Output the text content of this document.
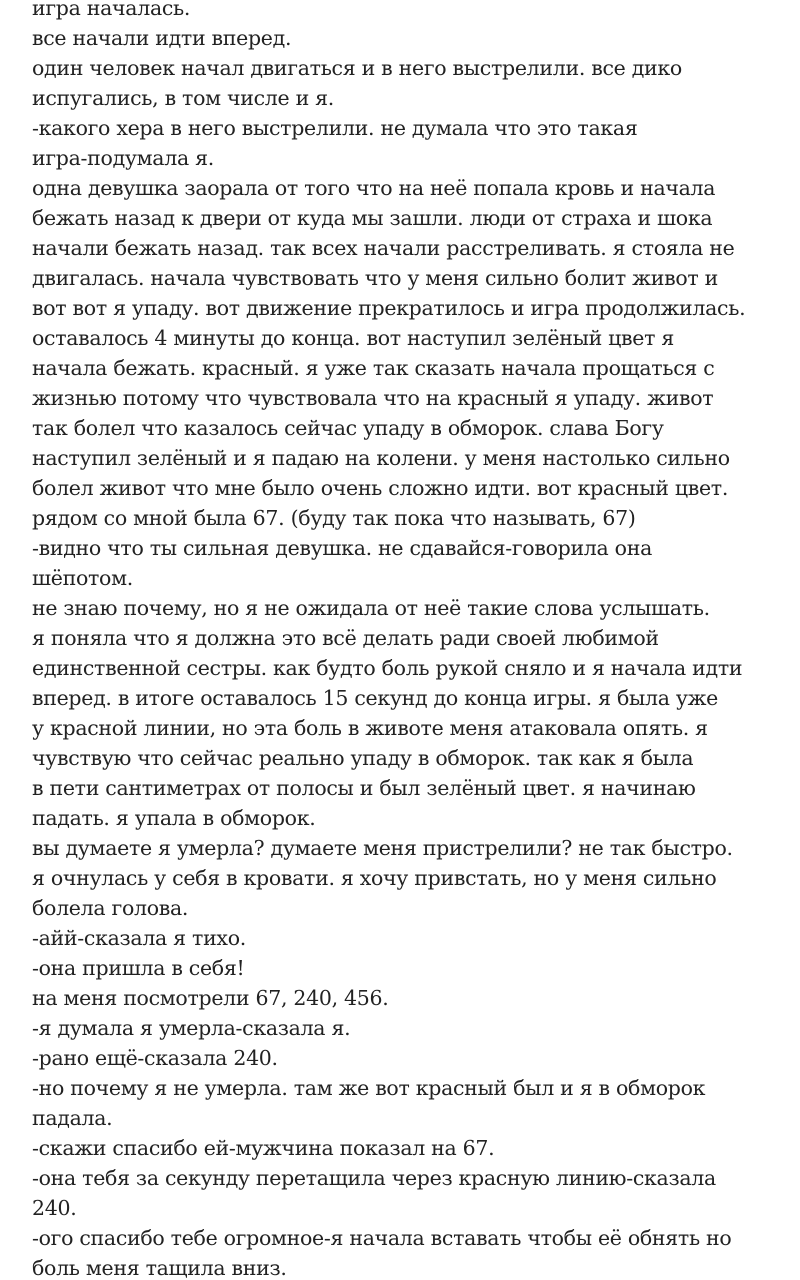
игра началась.
все начали идти вперед.
один человек начал двигаться и в него выстрелили. все дико
испугались, в том числе и я.
-какого хера в него выстрелили. не думала что это такая
игра-подумала я.
одна девушка заорала от того что на неё попала кровь и начала
бежать назад к двери от куда мы зашли. люди от страха и шока
начали бежать назад. так всех начали расстреливать. я стояла не
двигалась. начала чувствовать что у меня сильно болит живот и
вот вот я упаду. вот движение прекратилось и игра продолжилась.
оставалось 4 минуты до конца. вот наступил зелёный цвет я
начала бежать. красный. я уже так сказать начала прощаться с
жизнью потому что чувствовала что на красный я упаду. живот
так болел что казалось сейчас упаду в обморок. слава Богу
наступил зелёный и я падаю на колени. у меня настолько сильно
болел живот что мне было очень сложно идти. вот красный цвет.
рядом со мной была 67. (буду так пока что называть, 67)
-видно что ты сильная девушка. не сдавайся-говорила она
шёпотом.
не знаю почему, но я не ожидала от неё такие слова услышать.
я поняла что я должна это всё делать ради своей любимой
единственной сестры. как будто боль рукой сняло и я начала идти
вперед. в итоге оставалось 15 секунд до конца игры. я была уже
у красной линии, но эта боль в животе меня атаковала опять. я
чувствую что сейчас реально упаду в обморок. так как я была
в пети сантиметрах от полосы и был зелёный цвет. я начинаю
падать. я упала в обморок.
вы думаете я умерла? думаете меня пристрелили? не так быстро.
я очнулась у себя в кровати. я хочу привстать, но у меня сильно
болела голова.
-айй-сказала я тихо.
-она пришла в себя!
на меня посмотрели 67, 240, 456.
-я думала я умерла-сказала я.
-рано ещё-сказала 240.
-но почему я не умерла. там же вот красный был и я в обморок
падала.
-скажи спасибо ей-мужчина показал на 67.
-она тебя за секунду перетащила через красную линию-сказала
240.
-ого спасибо тебе огромное-я начала вставать чтобы её обнять но
боль меня тащила вниз.
